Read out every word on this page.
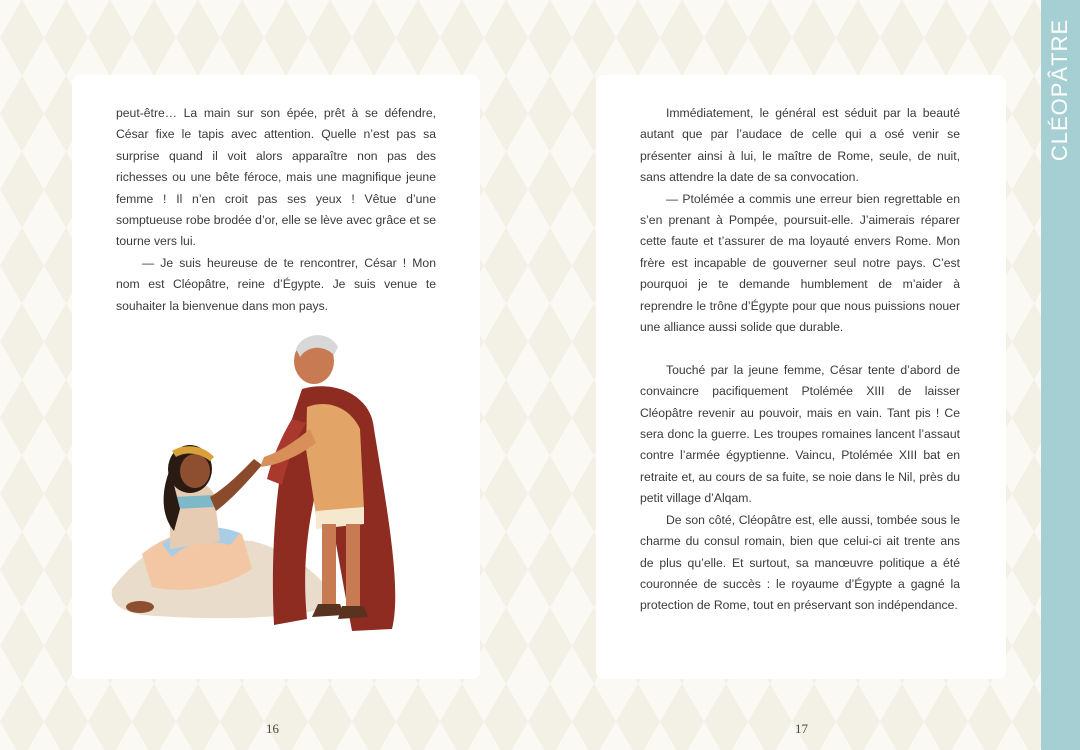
peut-être… La main sur son épée, prêt à se défendre, César fixe le tapis avec attention. Quelle n’est pas sa surprise quand il voit alors apparaître non pas des richesses ou une bête féroce, mais une magnifique jeune femme ! Il n’en croit pas ses yeux ! Vêtue d’une somptueuse robe brodée d’or, elle se lève avec grâce et se tourne vers lui.

— Je suis heureuse de te rencontrer, César ! Mon nom est Cléopâtre, reine d’Égypte. Je suis venue te souhaiter la bienvenue dans mon pays.

Immédiatement, le général est séduit par la beauté autant que par l’audace de celle qui a osé venir se présenter ainsi à lui, le maître de Rome, seule, de nuit, sans attendre la date de sa convocation.

— Ptolémée a commis une erreur bien regrettable en s’en prenant à Pompée, poursuit-elle. J’aimerais réparer cette faute et t’assurer de ma loyauté envers Rome. Mon frère est incapable de gouverner seul notre pays. C’est pourquoi je te demande humblement de m’aider à reprendre le trône d’Égypte pour que nous puissions nouer une alliance aussi solide que durable.

Touché par la jeune femme, César tente d’abord de convaincre pacifiquement Ptolémée XIII de laisser Cléopâtre revenir au pouvoir, mais en vain. Tant pis ! Ce sera donc la guerre. Les troupes romaines lancent l’assaut contre l’armée égyptienne. Vaincu, Ptolémée XIII bat en retraite et, au cours de sa fuite, se noie dans le Nil, près du petit village d’Alqam.

De son côté, Cléopâtre est, elle aussi, tombée sous le charme du consul romain, bien que celui-ci ait trente ans de plus qu’elle. Et surtout, sa manœuvre politique a été couronnée de succès : le royaume d’Égypte a gagné la protection de Rome, tout en préservant son indépendance.

16	17
CLÉOPÂTRE
